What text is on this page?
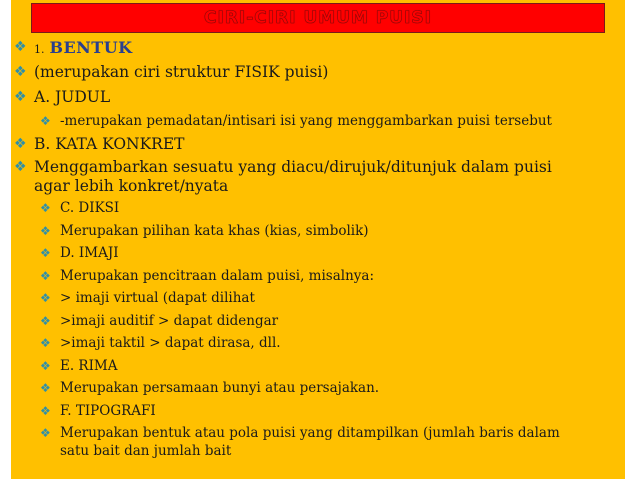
CIRI-CIRI UMUM PUISI
❖ 1. BENTUK
❖ (merupakan ciri struktur FISIK puisi)
❖ A. JUDUL
❖ -merupakan pemadatan/intisari isi yang menggambarkan puisi tersebut
❖ B. KATA KONKRET
❖ Menggambarkan sesuatu yang diacu/dirujuk/ditunjuk dalam puisi
agar lebih konkret/nyata
❖ C. DIKSI
❖ Merupakan pilihan kata khas (kias, simbolik)
❖ D. IMAJI
❖ Merupakan pencitraan dalam puisi, misalnya:
❖ > imaji virtual (dapat dilihat
❖ >imaji auditif > dapat didengar
❖ >imaji taktil > dapat dirasa, dll.
❖ E. RIMA
❖ Merupakan persamaan bunyi atau persajakan.
❖ F. TIPOGRAFI
❖ Merupakan bentuk atau pola puisi yang ditampilkan (jumlah baris dalam
satu bait dan jumlah bait
